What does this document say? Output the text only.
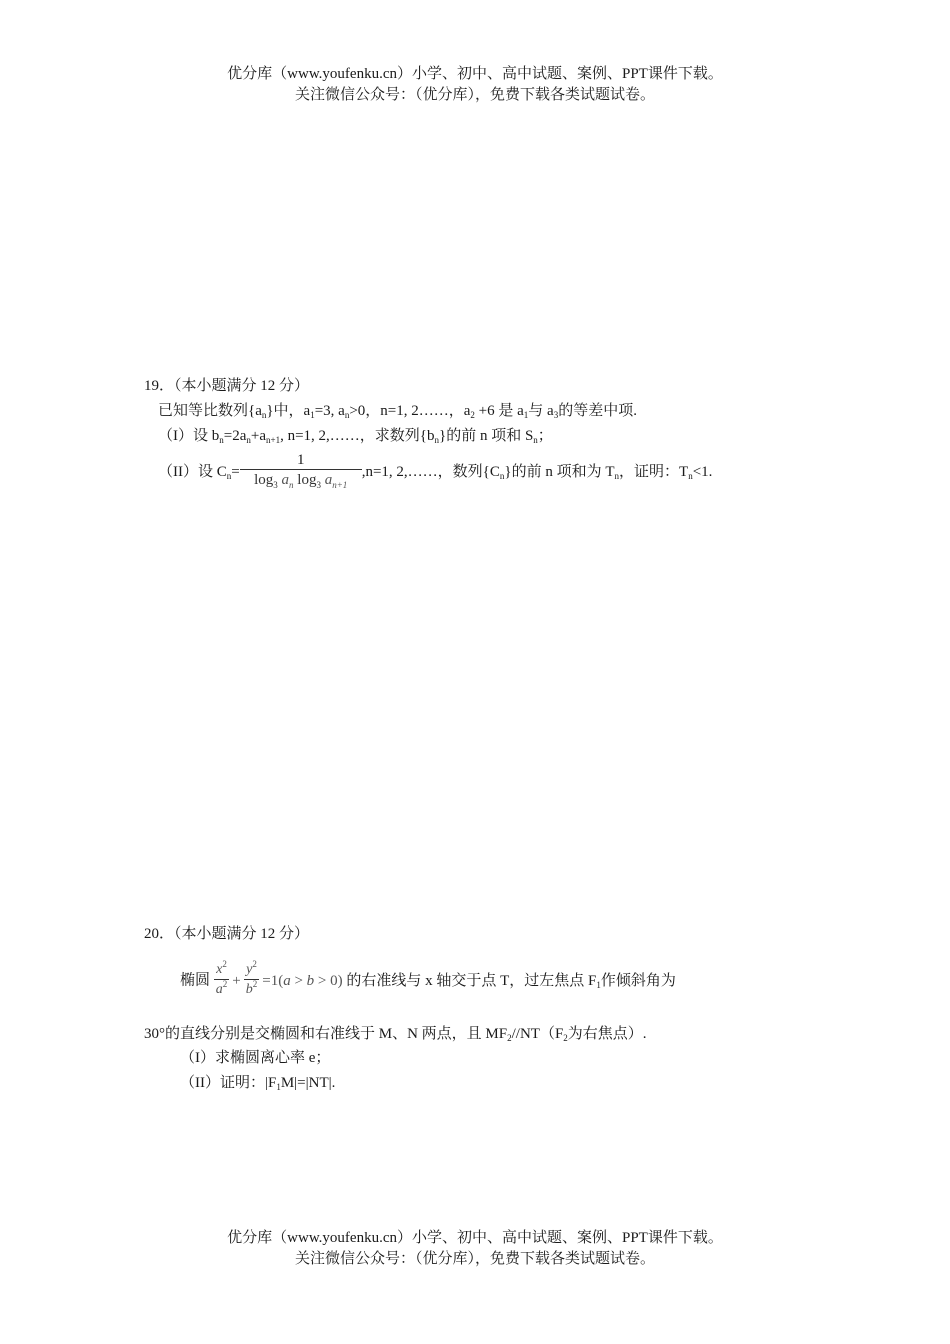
优分库（www.youfenku.cn）小学、初中、高中试题、案例、PPT课件下载。
关注微信公众号：（优分库），免费下载各类试题试卷。
19．（本小题满分 12 分）
已知等比数列$\{a_n\}$中，$a_1=3$, $a_n>0$，n=1, 2……，$a_2 +6$ 是 $a_1$与 $a_3$的等差中项.
（I）设 $b_n=2a_n+a_{n+1}$, n=1, 2,……，求数列$\{b_n\}$的前 n 项和 $S_n$；
（II）设 $C_n= \frac{1}{\log_3 a_n \log_3 a_{n+1}} ,n=1$, 2,……，数列$\{C_n\}$的前 n 项和为 $T_n$，证明：$T_n<1$.
20．（本小题满分 12 分）
椭圆 $\frac{x^2}{a^2} + \frac{y^2}{b^2} =1(a > b > 0)$ 的右准线与 x 轴交于点 T，过左焦点 $F_1$作倾斜角为
30°的直线分别是交椭圆和右准线于 M、N 两点，且 $MF_2//NT(F_2$为右焦点）.
（I）求椭圆离心率 e；
（II）证明：$|F_1M|=|NT|$.
优分库（www.youfenku.cn）小学、初中、高中试题、案例、PPT课件下载。
关注微信公众号：（优分库），免费下载各类试题试卷。
